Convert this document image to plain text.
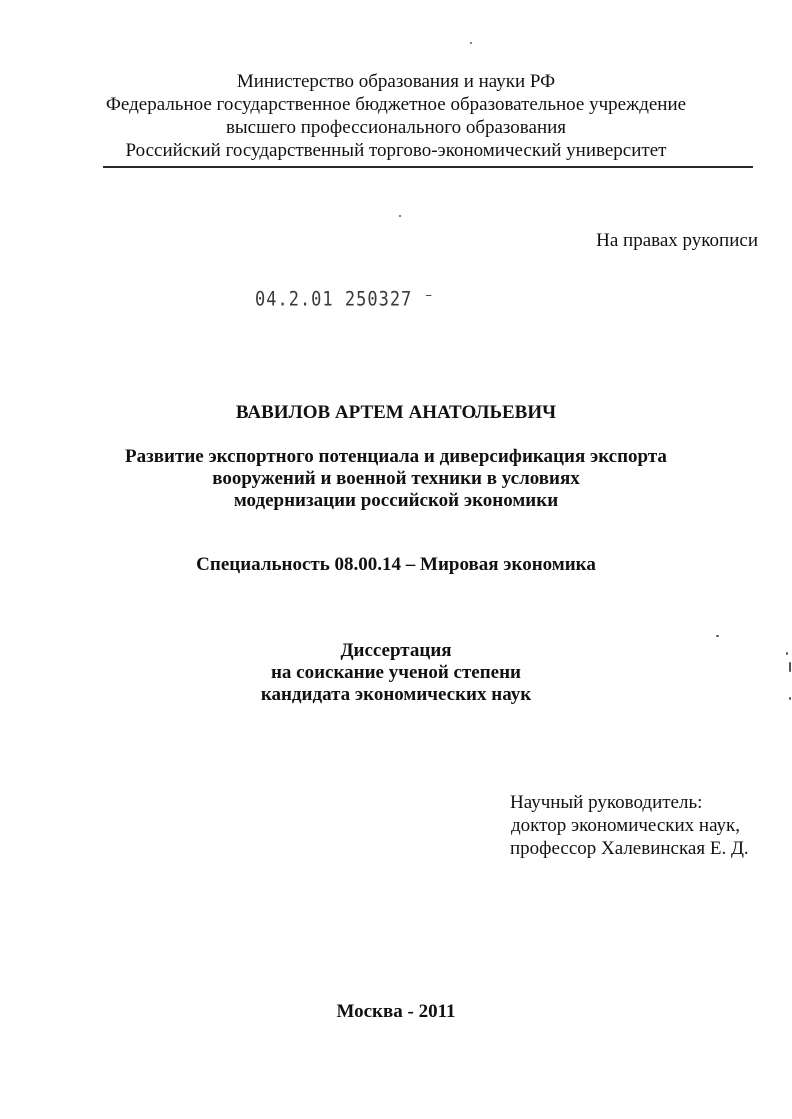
Министерство образования и науки РФ
Федеральное государственное бюджетное образовательное учреждение
высшего профессионального образования
Российский государственный торгово-экономический университет
На правах рукописи
04.2.01 250327 ⁻
ВАВИЛОВ АРТЕМ АНАТОЛЬЕВИЧ
Развитие экспортного потенциала и диверсификация экспорта
вооружений и военной техники в условиях
модернизации российской экономики
Специальность 08.00.14 – Мировая экономика
Диссертация
на соискание ученой степени
кандидата экономических наук
Научный руководитель:
доктор экономических наук,
профессор Халевинская Е. Д.
Москва - 2011
